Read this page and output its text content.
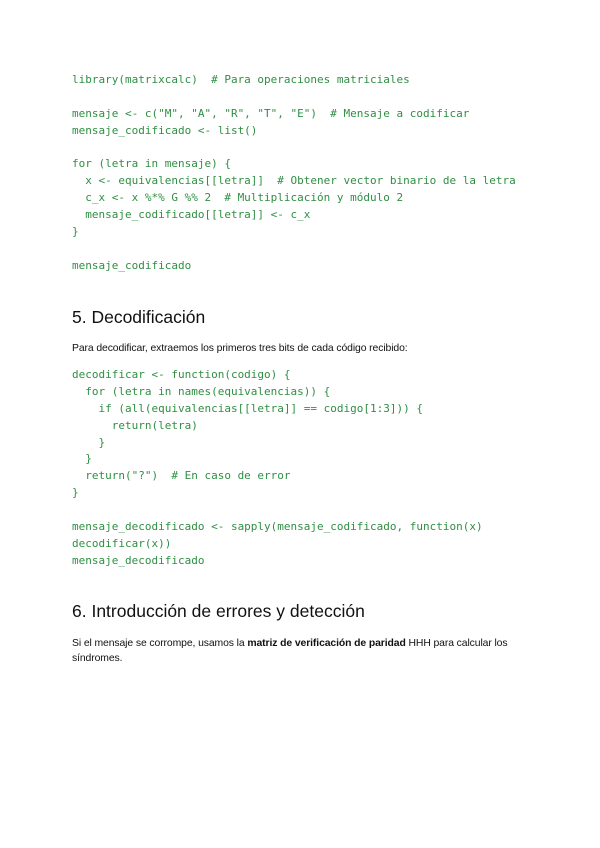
library(matrixcalc)  # Para operaciones matriciales
mensaje <- c("M", "A", "R", "T", "E")  # Mensaje a codificar
mensaje_codificado <- list()
for (letra in mensaje) {
x <- equivalencias[[letra]]  # Obtener vector binario de la letra
c_x <- x %*% G %% 2  # Multiplicación y módulo 2
mensaje_codificado[[letra]] <- c_x
}
mensaje_codificado
5. Decodificación

Para decodificar, extraemos los primeros tres bits de cada código recibido:

decodificar <- function(codigo) {
for (letra in names(equivalencias)) {
if (all(equivalencias[[letra]] == codigo[1:3])) {
return(letra)
}
}
return("?")  # En caso de error
}
mensaje_decodificado <- sapply(mensaje_codificado, function(x)
decodificar(x))
mensaje_decodificado
6. Introducción de errores y detección

Si el mensaje se corrompe, usamos la matriz de verificación de paridad HHH para calcular los síndromes.
